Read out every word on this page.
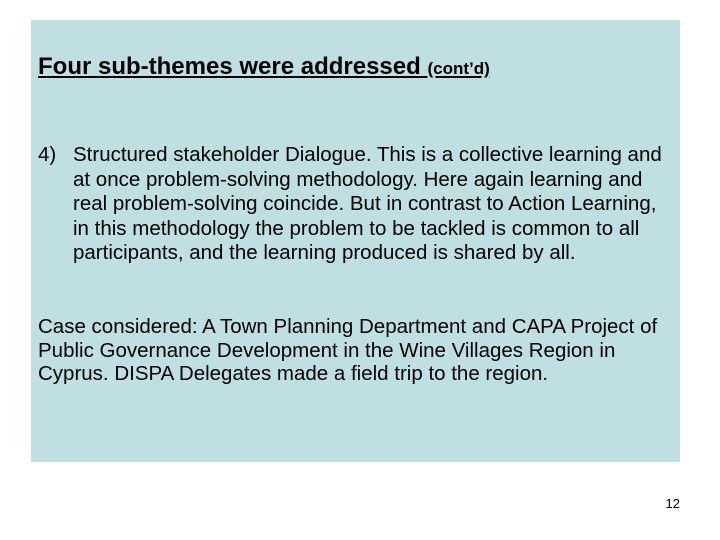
Four sub-themes were addressed (cont’d)
4) Structured stakeholder Dialogue. This is a collective learning and at once problem-solving methodology. Here again learning and real problem-solving coincide. But in contrast to Action Learning, in this methodology the problem to be tackled is common to all participants, and the learning produced is shared by all.
Case considered: A Town Planning Department and CAPA Project of Public Governance Development in the Wine Villages Region in Cyprus. DISPA Delegates made a field trip to the region.
12
